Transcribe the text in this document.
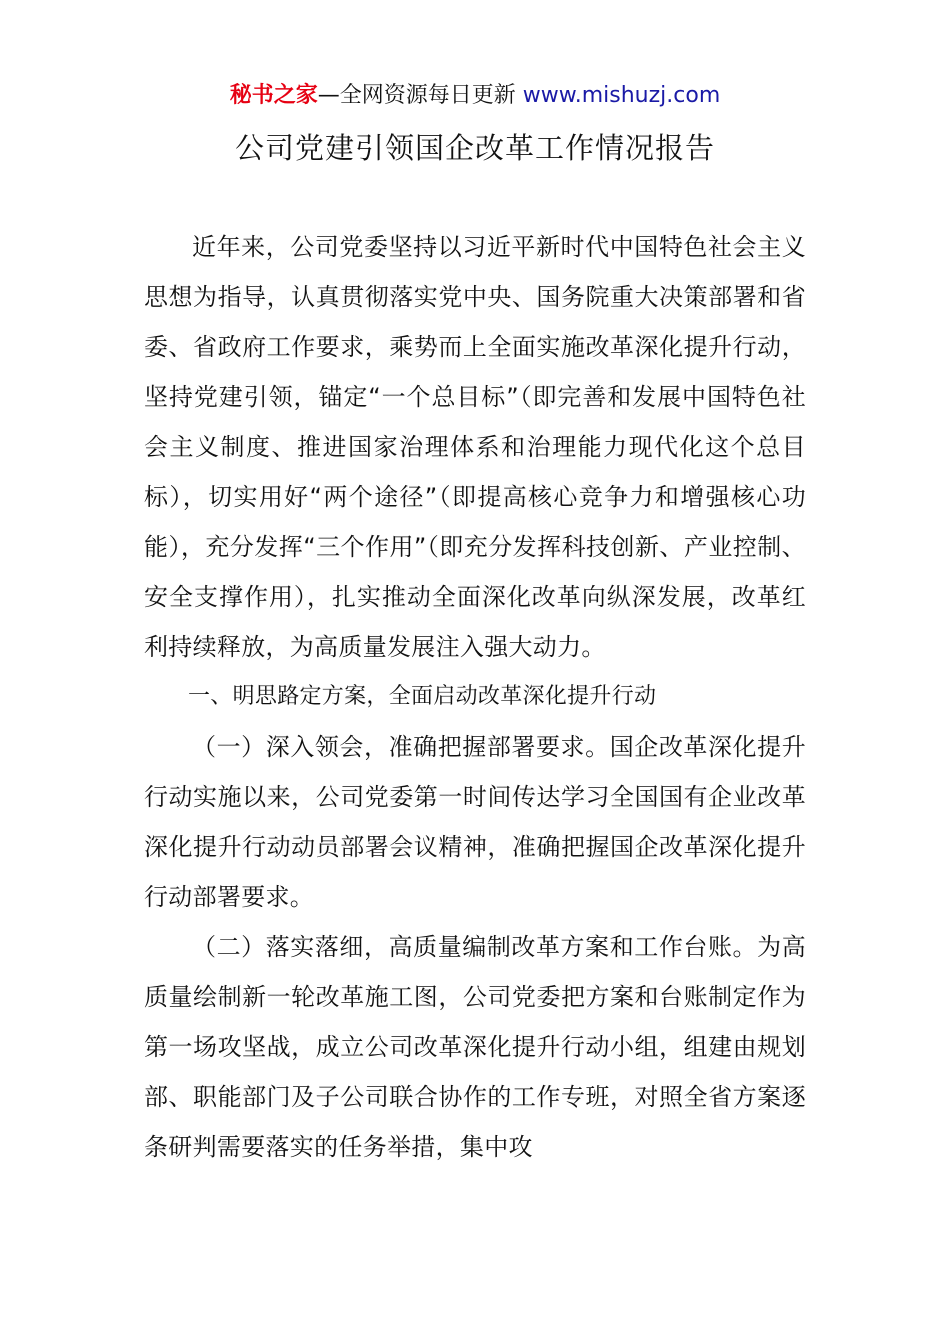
秘书之家—全网资源每日更新 www.mishuzj.com
公司党建引领国企改革工作情况报告

近年来，公司党委坚持以习近平新时代中国特色社会主义思想为指导，认真贯彻落实党中央、国务院重大决策部署和省委、省政府工作要求，乘势而上全面实施改革深化提升行动，坚持党建引领，锚定“一个总目标”（即完善和发展中国特色社会主义制度、推进国家治理体系和治理能力现代化这个总目标），切实用好“两个途径”（即提高核心竞争力和增强核心功能），充分发挥“三个作用”（即充分发挥科技创新、产业控制、安全支撑作用），扎实推动全面深化改革向纵深发展，改革红利持续释放，为高质量发展注入强大动力。

一、明思路定方案，全面启动改革深化提升行动

（一）深入领会，准确把握部署要求。国企改革深化提升行动实施以来，公司党委第一时间传达学习全国国有企业改革深化提升行动动员部署会议精神，准确把握国企改革深化提升行动部署要求。

（二）落实落细，高质量编制改革方案和工作台账。为高质量绘制新一轮改革施工图，公司党委把方案和台账制定作为第一场攻坚战，成立公司改革深化提升行动小组，组建由规划部、职能部门及子公司联合协作的工作专班，对照全省方案逐条研判需要落实的任务举措，集中攻
